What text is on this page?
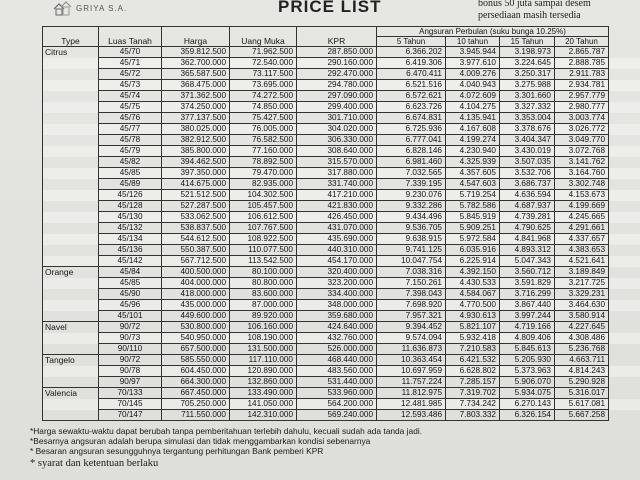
GRIYA S.A.	PRICE LIST	bonus 50 juta sampai desem
persediaan masih tersedia
Type	Luas Tanah	Harga	Uang Muka	KPR	Angsuran Perbulan (suku bunga 10.25%)				
					5 Tahun	10 tahun	15 Tahun	20 Tahun	
Citrus	45/70	359.812.500	71.962.500	287.850.000	6.366.202	3.945.944	3.198.973	2.865.787	
	45/71	362.700.000	72.540.000	290.160.000	6.419.306	3.977.610	3.224.645	2.888.785	
	45/72	365.587.500	73.117.500	292.470.000	6.470.411	4.009.276	3.250.317	2.911.783	
	45/73	368.475.000	73.695.000	294.780.000	6.521.516	4.040.943	3.275.988	2.934.781	
	45/74	371.362.500	74.272.500	297.090.000	6.572.621	4.072.609	3.301.660	2.957.779	
	45/75	374.250.000	74.850.000	299.400.000	6.623.726	4.104.275	3.327.332	2.980.777	
	45/76	377.137.500	75.427.500	301.710.000	6.674.831	4.135.941	3.353.004	3.003.774	
	45/77	380.025.000	76.005.000	304.020.000	6.725.936	4.167.608	3.378.676	3.026.772	
	45/78	382.912.500	76.582.500	306.330.000	6.777.041	4.199.274	3.404.347	3.049.770	
	45/79	385.800.000	77.160.000	308.640.000	6.828.146	4.230.940	3.430.019	3.072.768	
	45/82	394.462.500	78.892.500	315.570.000	6.981.460	4.325.939	3.507.035	3.141.762	
	45/85	397.350.000	79.470.000	317.880.000	7.032.565	4.357.605	3.532.706	3.164.760	
	45/89	414.675.000	82.935.000	331.740.000	7.339.195	4.547.603	3.686.737	3.302.748	
	45/126	521.512.500	104.302.500	417.210.000	9.230.076	5.719.254	4.636.594	4.153.673	
	45/128	527.287.500	105.457.500	421.830.000	9.332.286	5.782.586	4.687.937	4.199.669	
	45/130	533.062.500	106.612.500	426.450.000	9.434.496	5.845.919	4.739.281	4.245.665	
	45/132	538.837.500	107.767.500	431.070.000	9.536.705	5.909.251	4.790.625	4.291.661	
	45/134	544.612.500	108.922.500	435.690.000	9.638.915	5.972.584	4.841.968	4.337.657	
	45/136	550.387.500	110.077.500	440.310.000	9.741.125	6.035.916	4.893.312	4.383.653	
	45/142	567.712.500	113.542.500	454.170.000	10.047.754	6.225.914	5.047.343	4.521.641	
Orange	45/84	400.500.000	80.100.000	320.400.000	7.038.316	4.392.150	3.560.712	3.189.849	
	45/85	404.000.000	80.800.000	323.200.000	7.150.261	4.430.533	3.591.829	3.217.725	
	45/90	418.000.000	83.600.000	334.400.000	7.398.043	4.584.067	3.716.299	3.329.231	
	45/96	435.000.000	87.000.000	348.000.000	7.698.920	4.770.500	3.867.440	3.464.630	
	45/101	449.600.000	89.920.000	359.680.000	7.957.321	4.930.613	3.997.244	3.580.914	
Navel	90/72	530.800.000	106.160.000	424.640.000	9.394.452	5.821.107	4.719.166	4.227.645	
	90/73	540.950.000	108.190.000	432.760.000	9.574.094	5.932.418	4.809.406	4.308.486	
	90/110	657.500.000	131.500.000	526.000.000	11.636.873	7.210.583	5.845.613	5.236.768	
Tangelo	90/72	585.550.000	117.110.000	468.440.000	10.363.454	6.421.532	5.205.930	4.663.711	
	90/78	604.450.000	120.890.000	483.560.000	10.697.959	6.628.802	5.373.963	4.814.243	
	90/97	664.300.000	132.860.000	531.440.000	11.757.224	7.285.157	5.906.070	5.290.928	
Valencia	70/133	667.450.000	133.490.000	533.960.000	11.812.975	7.319.702	5.934.075	5.316.017	
	70/145	705.250.000	141.050.000	564.200.000	12.481.985	7.734.242	6.270.143	5.617.081	
	70/147	711.550.000	142.310.000	569.240.000	12.593.486	7.803.332	6.326.154	5.667.258	
*Harga sewaktu-waktu dapat berubah tanpa pemberitahuan terlebih dahulu, kecuali sudah ada tanda jadi.
*Besarnya angsuran adalah berupa simulasi dan tidak menggambarkan kondisi sebenarnya
* Besaran angsuran sesungguhnya tergantung perhitungan Bank pemberi KPR
* syarat dan ketentuan berlaku
